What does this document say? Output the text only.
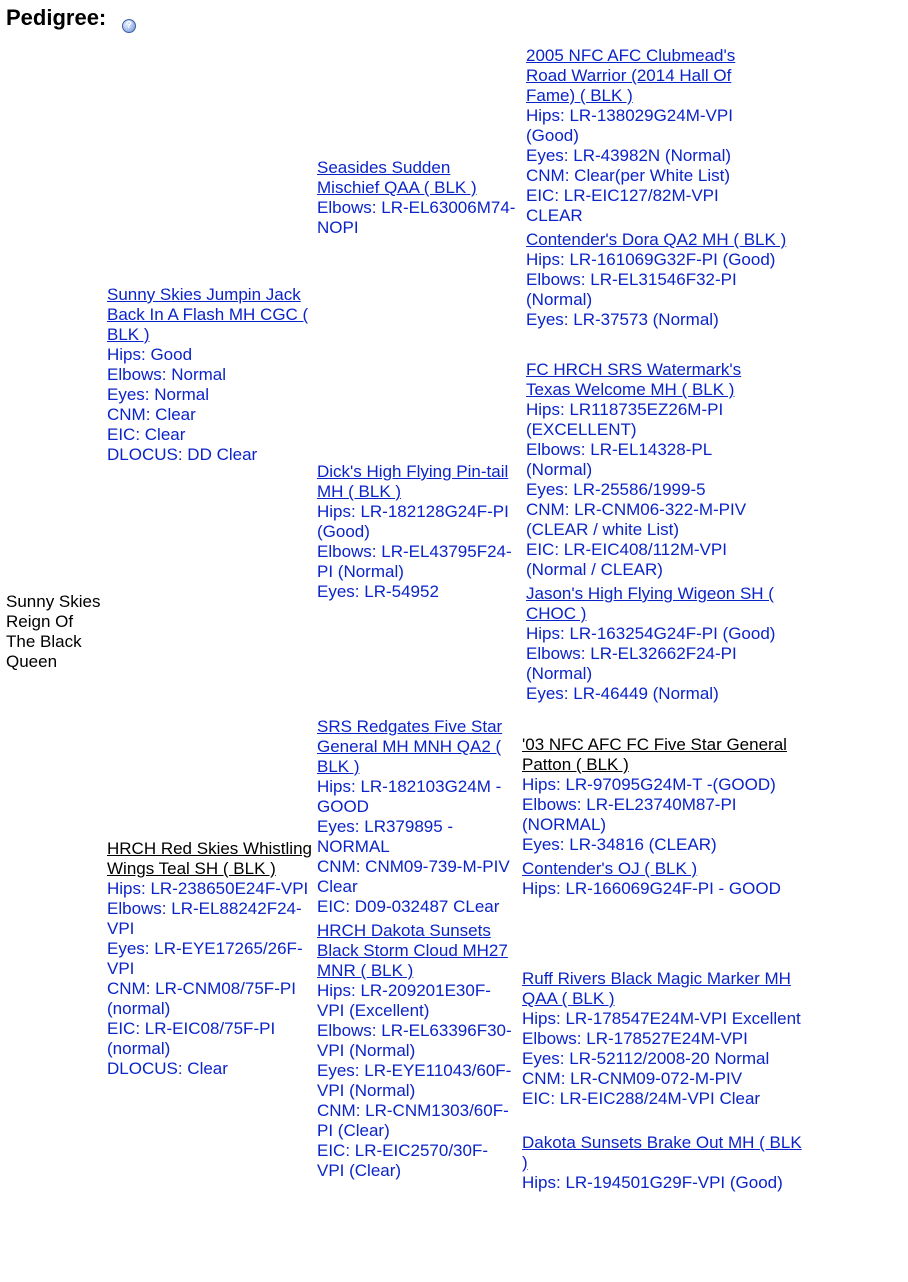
Pedigree:	?
Sunny Skies Reign Of The Black Queen
Sunny Skies Jumpin Jack Back In A Flash MH CGC ( BLK )
Hips: Good
Elbows: Normal
Eyes: Normal
CNM: Clear
EIC: Clear
DLOCUS: DD Clear
HRCH Red Skies Whistling Wings Teal SH ( BLK )
Hips: LR-238650E24F-VPI
Elbows: LR-EL88242F24-VPI
Eyes: LR-EYE17265/26F-VPI
CNM: LR-CNM08/75F-PI (normal)
EIC: LR-EIC08/75F-PI (normal)
DLOCUS: Clear
Seasides Sudden Mischief QAA ( BLK )
Elbows: LR-EL63006M74-NOPI
Dick's High Flying Pin-tail MH ( BLK )
Hips: LR-182128G24F-PI (Good)
Elbows: LR-EL43795F24-PI (Normal)
Eyes: LR-54952
SRS Redgates Five Star General MH MNH QA2 ( BLK )
Hips: LR-182103G24M - GOOD
Eyes: LR379895 - NORMAL
CNM: CNM09-739-M-PIV Clear
EIC: D09-032487 CLear
HRCH Dakota Sunsets Black Storm Cloud MH27 MNR ( BLK )
Hips: LR-209201E30F-VPI (Excellent)
Elbows: LR-EL63396F30-VPI (Normal)
Eyes: LR-EYE11043/60F-VPI (Normal)
CNM: LR-CNM1303/60F-PI (Clear)
EIC: LR-EIC2570/30F-VPI (Clear)
2005 NFC AFC Clubmead's Road Warrior (2014 Hall Of Fame) ( BLK )
Hips: LR-138029G24M-VPI (Good)
Eyes: LR-43982N (Normal)
CNM: Clear(per White List)
EIC: LR-EIC127/82M-VPI CLEAR
Contender's Dora QA2 MH ( BLK )
Hips: LR-161069G32F-PI (Good)
Elbows: LR-EL31546F32-PI (Normal)
Eyes: LR-37573 (Normal)
FC HRCH SRS Watermark's Texas Welcome MH ( BLK )
Hips: LR118735EZ26M-PI (EXCELLENT)
Elbows: LR-EL14328-PL (Normal)
Eyes: LR-25586/1999-5
CNM: LR-CNM06-322-M-PIV (CLEAR / white List)
EIC: LR-EIC408/112M-VPI (Normal / CLEAR)
Jason's High Flying Wigeon SH ( CHOC )
Hips: LR-163254G24F-PI (Good)
Elbows: LR-EL32662F24-PI (Normal)
Eyes: LR-46449 (Normal)
'03 NFC AFC FC Five Star General Patton ( BLK )
Hips: LR-97095G24M-T -(GOOD)
Elbows: LR-EL23740M87-PI (NORMAL)
Eyes: LR-34816 (CLEAR)
Contender's OJ ( BLK )
Hips: LR-166069G24F-PI - GOOD
Ruff Rivers Black Magic Marker MH QAA ( BLK )
Hips: LR-178547E24M-VPI Excellent
Elbows: LR-178527E24M-VPI
Eyes: LR-52112/2008-20 Normal
CNM: LR-CNM09-072-M-PIV
EIC: LR-EIC288/24M-VPI Clear
Dakota Sunsets Brake Out MH ( BLK )
Hips: LR-194501G29F-VPI (Good)
